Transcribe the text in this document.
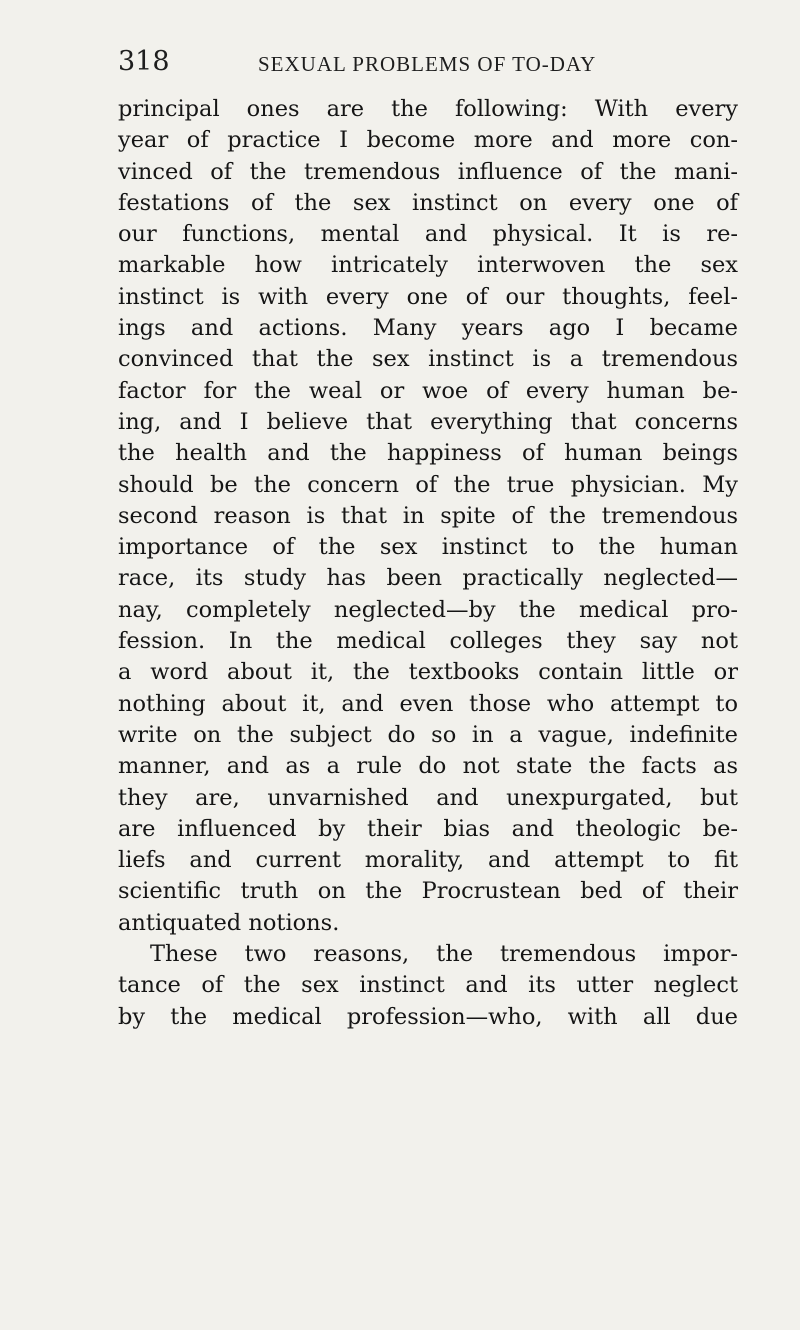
318	SEXUAL PROBLEMS OF TO-DAY
principal ones are the following: With every
year of practice I become more and more con-
vinced of the tremendous influence of the mani-
festations of the sex instinct on every one of
our functions, mental and physical. It is re-
markable how intricately interwoven the sex
instinct is with every one of our thoughts, feel-
ings and actions. Many years ago I became
convinced that the sex instinct is a tremendous
factor for the weal or woe of every human be-
ing, and I believe that everything that concerns
the health and the happiness of human beings
should be the concern of the true physician. My
second reason is that in spite of the tremendous
importance of the sex instinct to the human
race, its study has been practically neglected—
nay, completely neglected—by the medical pro-
fession. In the medical colleges they say not
a word about it, the textbooks contain little or
nothing about it, and even those who attempt to
write on the subject do so in a vague, indefinite
manner, and as a rule do not state the facts as
they are, unvarnished and unexpurgated, but
are influenced by their bias and theologic be-
liefs and current morality, and attempt to fit
scientific truth on the Procrustean bed of their
antiquated notions.
These two reasons, the tremendous impor-
tance of the sex instinct and its utter neglect
by the medical profession—who, with all due
